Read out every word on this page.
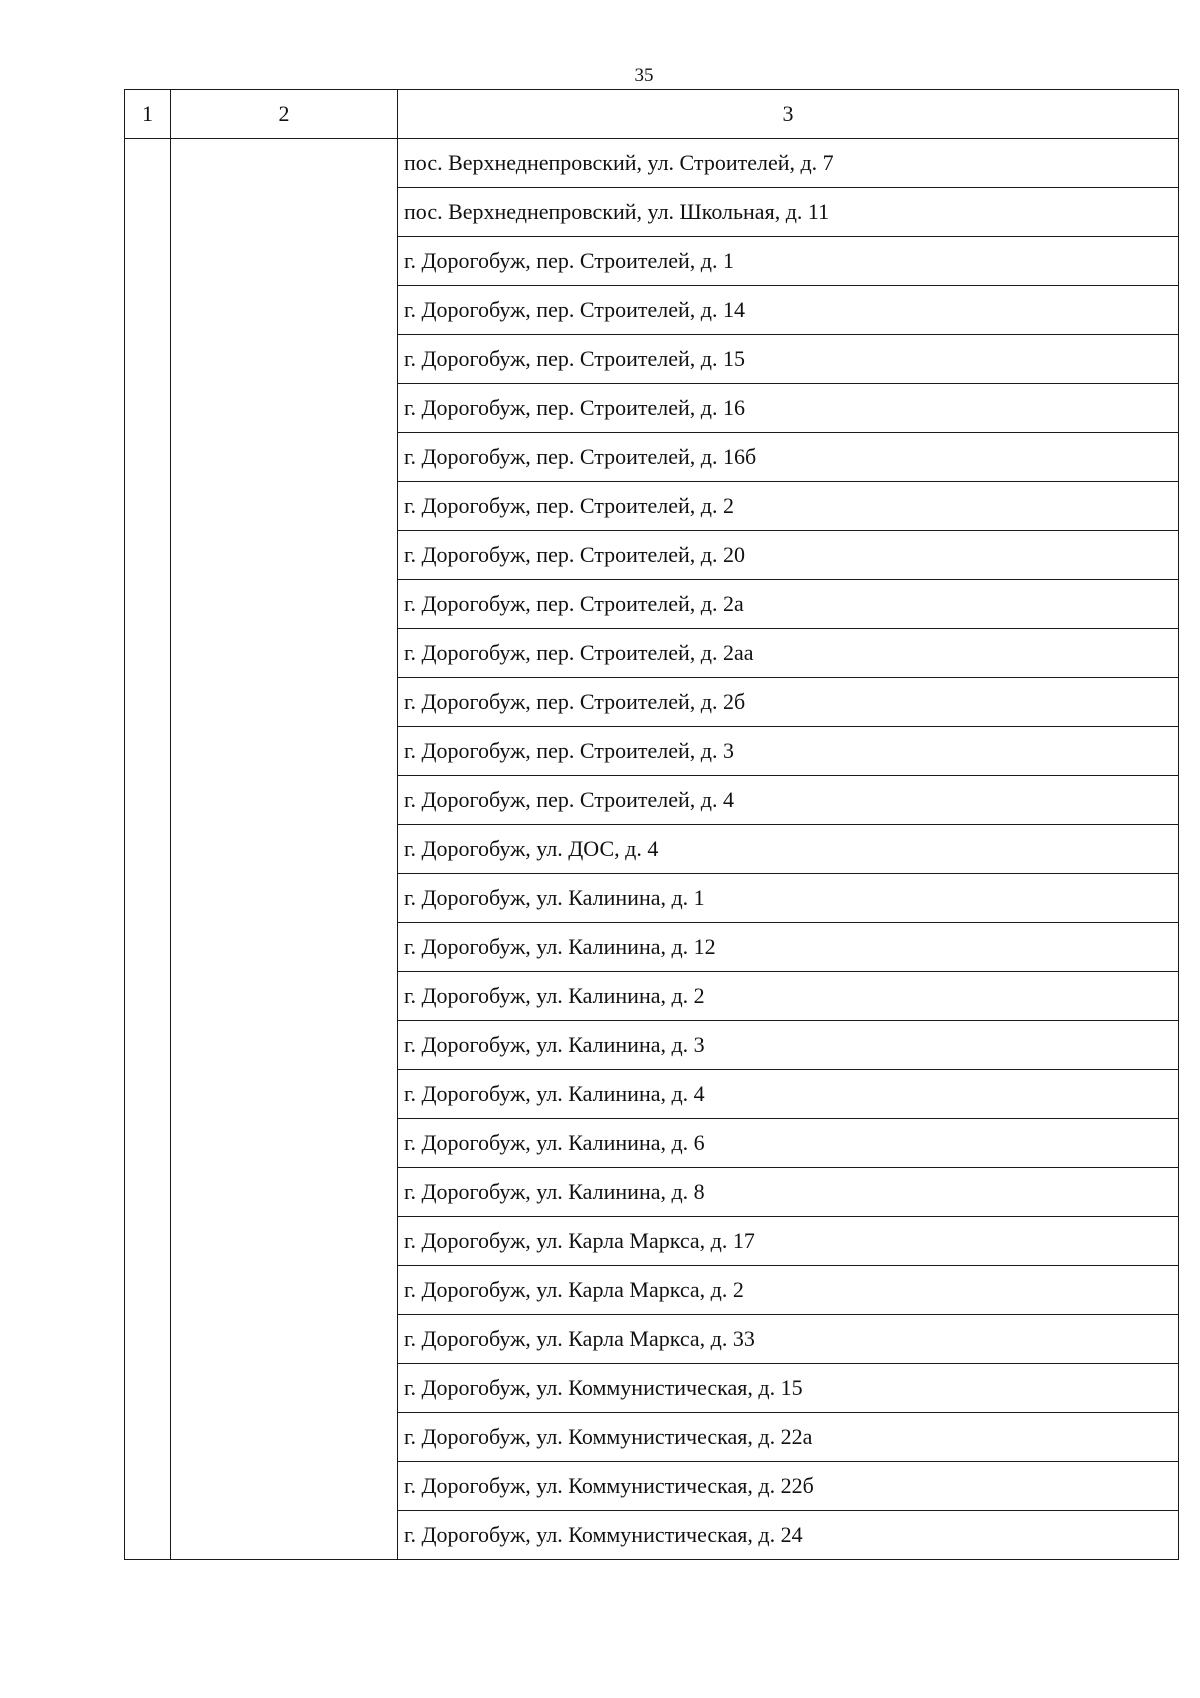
35
1	2	3
		пос. Верхнеднепровский, ул. Строителей, д. 7
		пос. Верхнеднепровский, ул. Школьная, д. 11
		г. Дорогобуж, пер. Строителей, д. 1
		г. Дорогобуж, пер. Строителей, д. 14
		г. Дорогобуж, пер. Строителей, д. 15
		г. Дорогобуж, пер. Строителей, д. 16
		г. Дорогобуж, пер. Строителей, д. 16б
		г. Дорогобуж, пер. Строителей, д. 2
		г. Дорогобуж, пер. Строителей, д. 20
		г. Дорогобуж, пер. Строителей, д. 2а
		г. Дорогобуж, пер. Строителей, д. 2аа
		г. Дорогобуж, пер. Строителей, д. 2б
		г. Дорогобуж, пер. Строителей, д. 3
		г. Дорогобуж, пер. Строителей, д. 4
		г. Дорогобуж, ул. ДОС, д. 4
		г. Дорогобуж, ул. Калинина, д. 1
		г. Дорогобуж, ул. Калинина, д. 12
		г. Дорогобуж, ул. Калинина, д. 2
		г. Дорогобуж, ул. Калинина, д. 3
		г. Дорогобуж, ул. Калинина, д. 4
		г. Дорогобуж, ул. Калинина, д. 6
		г. Дорогобуж, ул. Калинина, д. 8
		г. Дорогобуж, ул. Карла Маркса, д. 17
		г. Дорогобуж, ул. Карла Маркса, д. 2
		г. Дорогобуж, ул. Карла Маркса, д. 33
		г. Дорогобуж, ул. Коммунистическая, д. 15
		г. Дорогобуж, ул. Коммунистическая, д. 22а
		г. Дорогобуж, ул. Коммунистическая, д. 22б
		г. Дорогобуж, ул. Коммунистическая, д. 24
